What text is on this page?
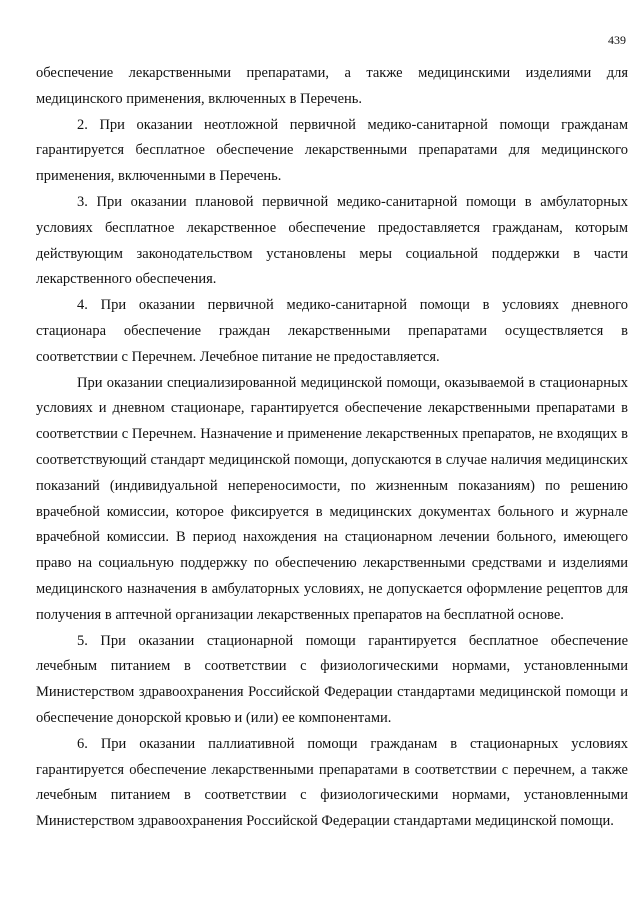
439

обеспечение лекарственными препаратами, а также медицинскими изделиями для медицинского применения, включенных в Перечень.

2. При оказании неотложной первичной медико-санитарной помощи гражданам гарантируется бесплатное обеспечение лекарственными препаратами для медицинского применения, включенными в Перечень.

3. При оказании плановой первичной медико-санитарной помощи в амбулаторных условиях бесплатное лекарственное обеспечение предоставляется гражданам, которым действующим законодательством установлены меры социальной поддержки в части лекарственного обеспечения.

4. При оказании первичной медико-санитарной помощи в условиях дневного стационара обеспечение граждан лекарственными препаратами осуществляется в соответствии с Перечнем. Лечебное питание не предоставляется.

При оказании специализированной медицинской помощи, оказываемой в стационарных условиях и дневном стационаре, гарантируется обеспечение лекарственными препаратами в соответствии с Перечнем. Назначение и применение лекарственных препаратов, не входящих в соответствующий стандарт медицинской помощи, допускаются в случае наличия медицинских показаний (индивидуальной непереносимости, по жизненным показаниям) по решению врачебной комиссии, которое фиксируется в медицинских документах больного и журнале врачебной комиссии. В период нахождения на стационарном лечении больного, имеющего право на социальную поддержку по обеспечению лекарственными средствами и изделиями медицинского назначения в амбулаторных условиях, не допускается оформление рецептов для получения в аптечной организации лекарственных препаратов на бесплатной основе.

5. При оказании стационарной помощи гарантируется бесплатное обеспечение лечебным питанием в соответствии с физиологическими нормами, установленными Министерством здравоохранения Российской Федерации стандартами медицинской помощи и обеспечение донорской кровью и (или) ее компонентами.

6. При оказании паллиативной помощи гражданам в стационарных условиях гарантируется обеспечение лекарственными препаратами в соответствии с перечнем, а также лечебным питанием в соответствии с физиологическими нормами, установленными Министерством здравоохранения Российской Федерации стандартами медицинской помощи.
